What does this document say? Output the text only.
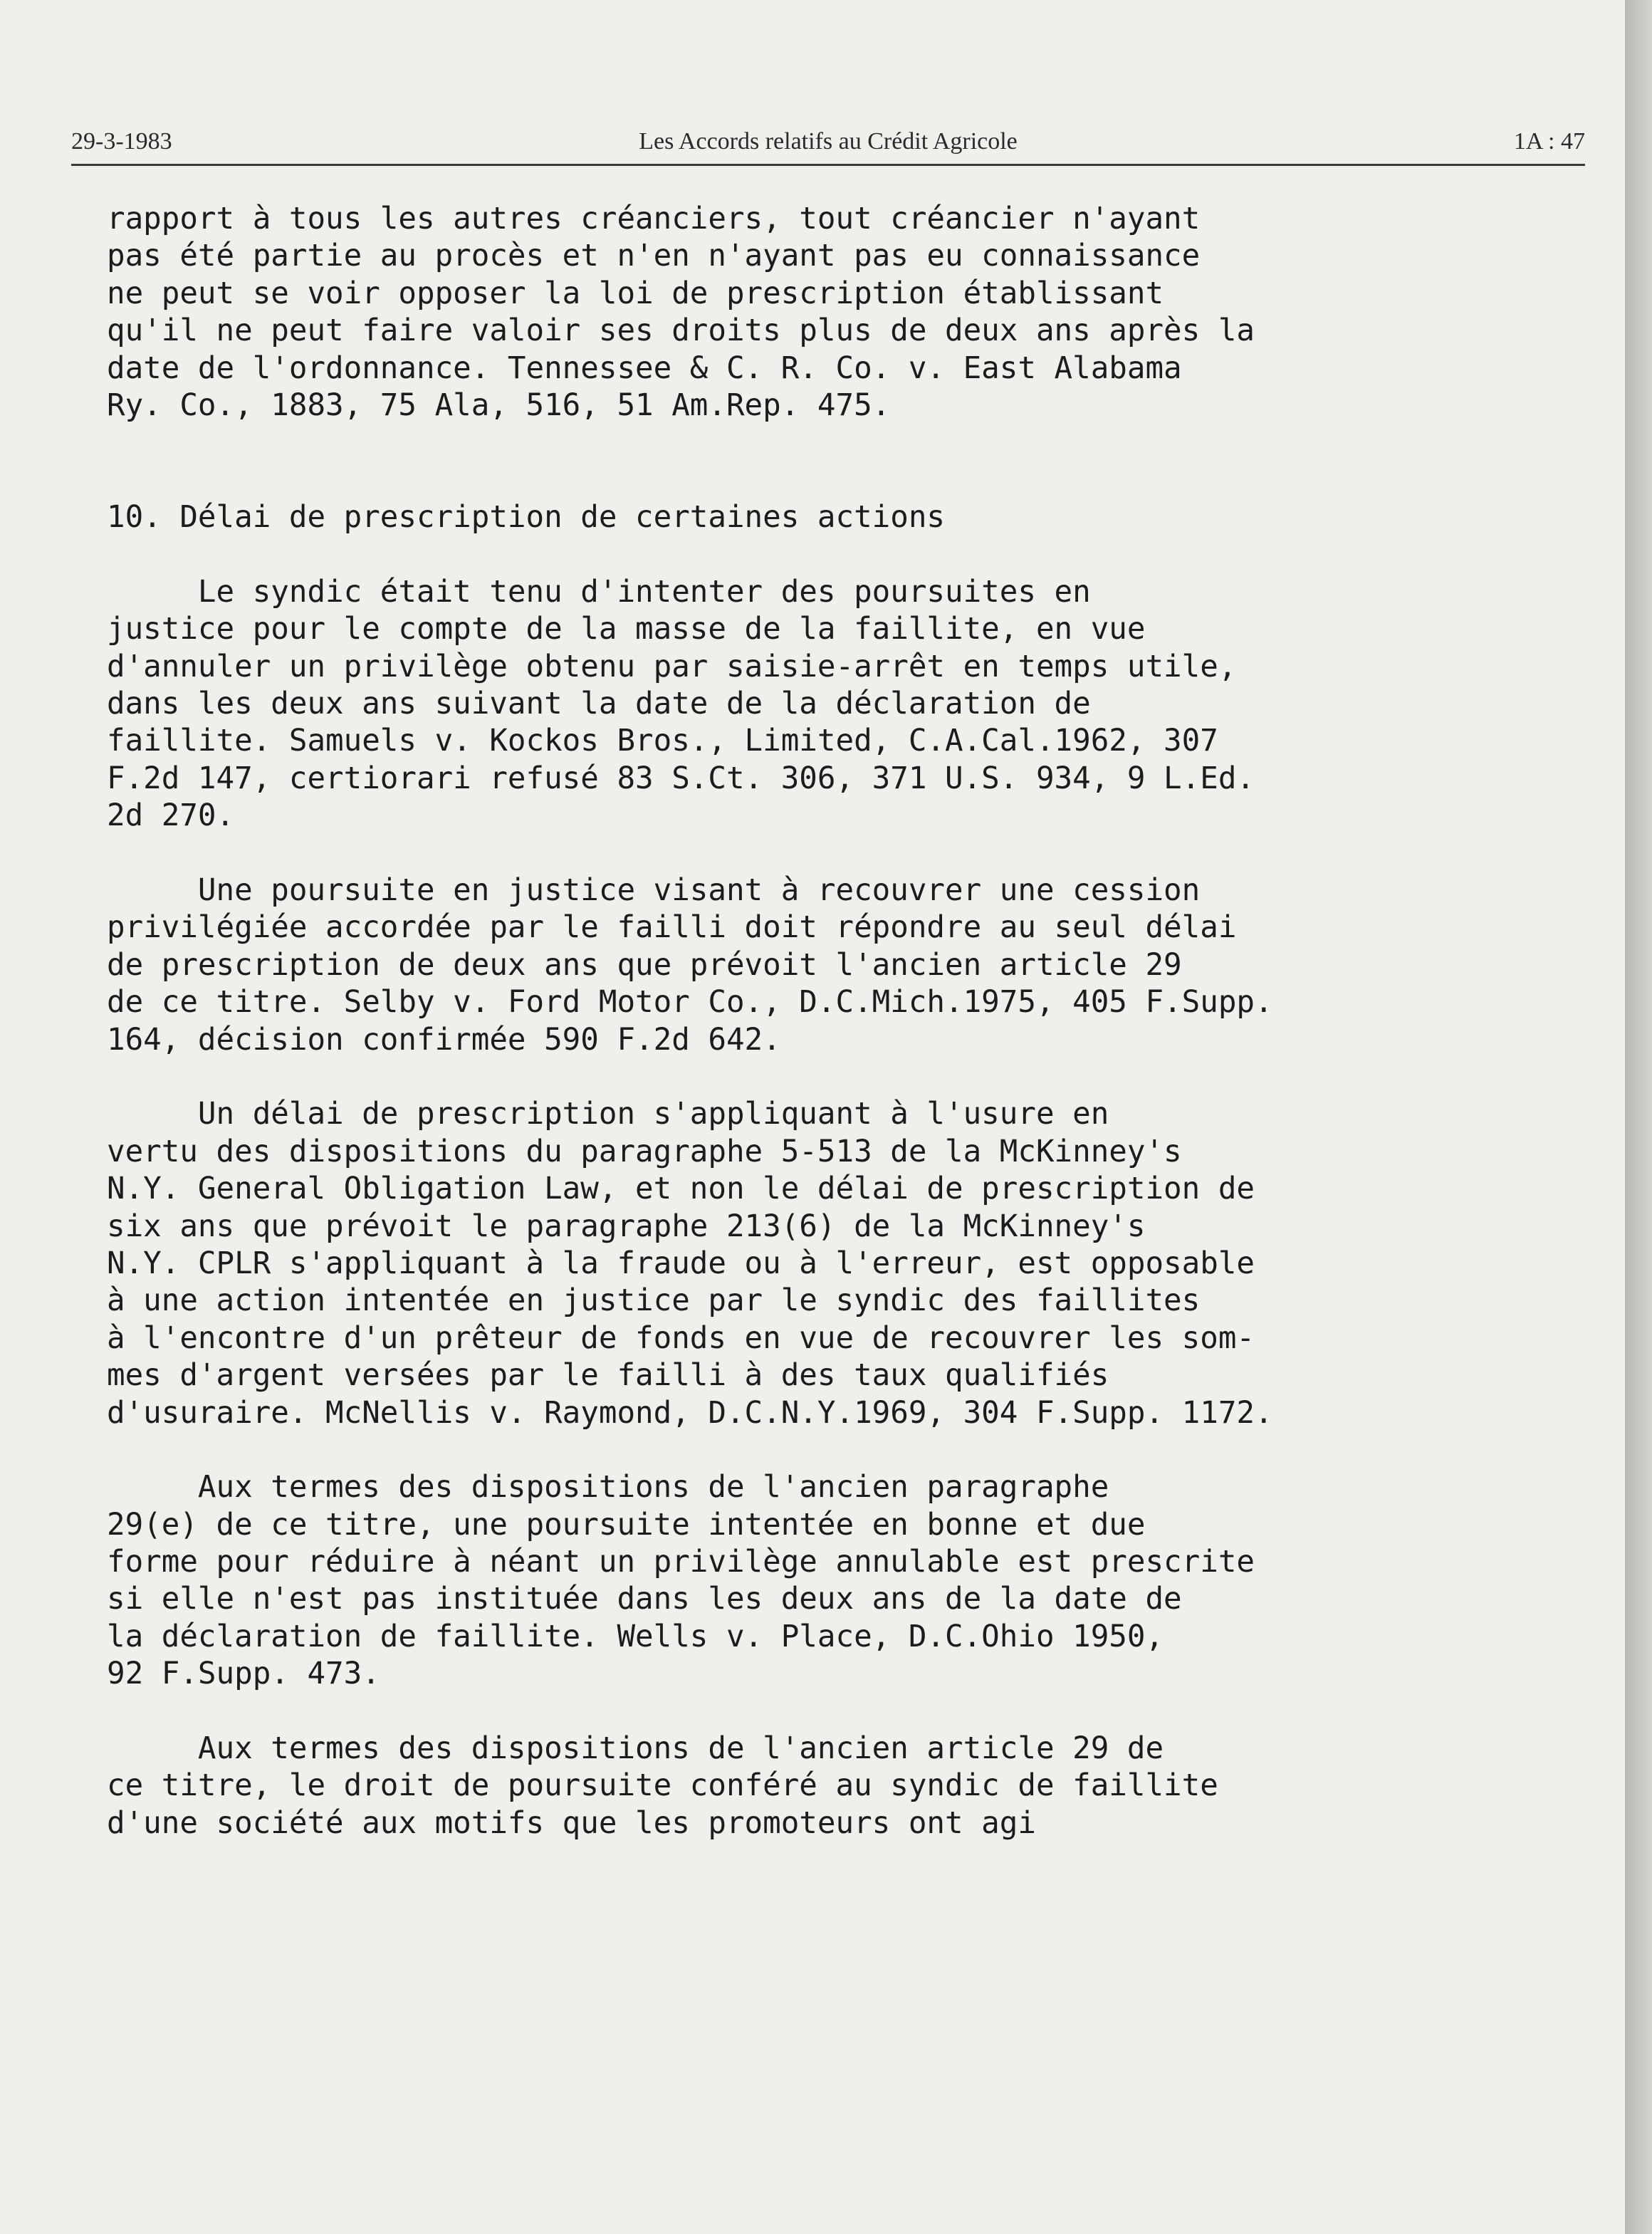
29-3-1983	Les Accords relatifs au Crédit Agricole	1A : 47
rapport à tous les autres créanciers, tout créancier n'ayant
pas été partie au procès et n'en n'ayant pas eu connaissance
ne peut se voir opposer la loi de prescription établissant
qu'il ne peut faire valoir ses droits plus de deux ans après la
date de l'ordonnance. Tennessee & C. R. Co. v. East Alabama
Ry. Co., 1883, 75 Ala, 516, 51 Am.Rep. 475.
10. Délai de prescription de certaines actions
Le syndic était tenu d'intenter des poursuites en
justice pour le compte de la masse de la faillite, en vue
d'annuler un privilège obtenu par saisie-arrêt en temps utile,
dans les deux ans suivant la date de la déclaration de
faillite. Samuels v. Kockos Bros., Limited, C.A.Cal.1962, 307
F.2d 147, certiorari refusé 83 S.Ct. 306, 371 U.S. 934, 9 L.Ed.
2d 270.
Une poursuite en justice visant à recouvrer une cession
privilégiée accordée par le failli doit répondre au seul délai
de prescription de deux ans que prévoit l'ancien article 29
de ce titre. Selby v. Ford Motor Co., D.C.Mich.1975, 405 F.Supp.
164, décision confirmée 590 F.2d 642.
Un délai de prescription s'appliquant à l'usure en
vertu des dispositions du paragraphe 5-513 de la McKinney's
N.Y. General Obligation Law, et non le délai de prescription de
six ans que prévoit le paragraphe 213(6) de la McKinney's
N.Y. CPLR s'appliquant à la fraude ou à l'erreur, est opposable
à une action intentée en justice par le syndic des faillites
à l'encontre d'un prêteur de fonds en vue de recouvrer les som-
mes d'argent versées par le failli à des taux qualifiés
d'usuraire. McNellis v. Raymond, D.C.N.Y.1969, 304 F.Supp. 1172.
Aux termes des dispositions de l'ancien paragraphe
29(e) de ce titre, une poursuite intentée en bonne et due
forme pour réduire à néant un privilège annulable est prescrite
si elle n'est pas instituée dans les deux ans de la date de
la déclaration de faillite. Wells v. Place, D.C.Ohio 1950,
92 F.Supp. 473.
Aux termes des dispositions de l'ancien article 29 de
ce titre, le droit de poursuite conféré au syndic de faillite
d'une société aux motifs que les promoteurs ont agi
